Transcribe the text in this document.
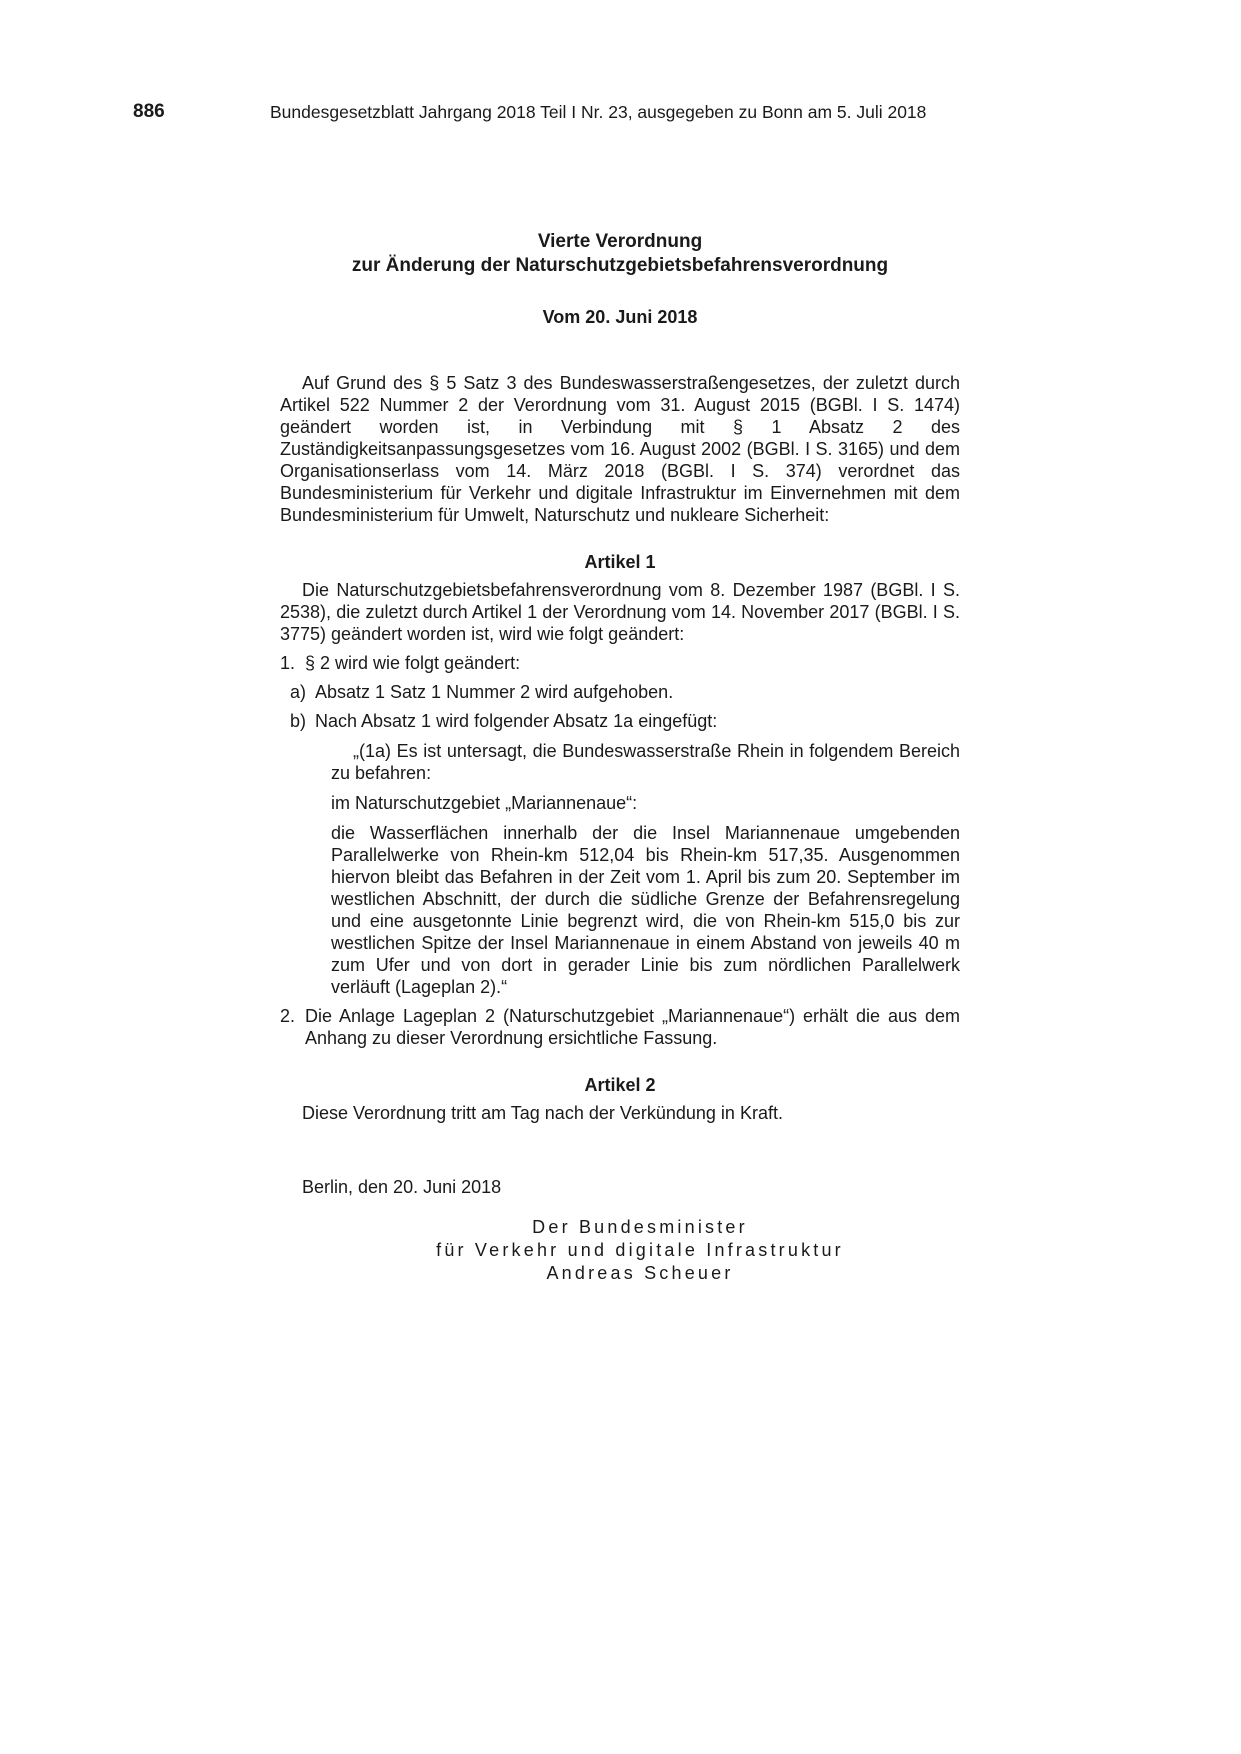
886	Bundesgesetzblatt Jahrgang 2018 Teil I Nr. 23, ausgegeben zu Bonn am 5. Juli 2018
Vierte Verordnung
zur Änderung der Naturschutzgebietsbefahrensverordnung
Vom 20. Juni 2018

Auf Grund des § 5 Satz 3 des Bundeswasserstraßengesetzes, der zuletzt durch Artikel 522 Nummer 2 der Verordnung vom 31. August 2015 (BGBl. I S. 1474) geändert worden ist, in Verbindung mit § 1 Absatz 2 des Zuständigkeitsanpassungsgesetzes vom 16. August 2002 (BGBl. I S. 3165) und dem Organisationserlass vom 14. März 2018 (BGBl. I S. 374) verordnet das Bundesministerium für Verkehr und digitale Infrastruktur im Einvernehmen mit dem Bundesministerium für Umwelt, Naturschutz und nukleare Sicherheit:

Artikel 1

Die Naturschutzgebietsbefahrensverordnung vom 8. Dezember 1987 (BGBl. I S. 2538), die zuletzt durch Artikel 1 der Verordnung vom 14. November 2017 (BGBl. I S. 3775) geändert worden ist, wird wie folgt geändert:

1. § 2 wird wie folgt geändert:
a) Absatz 1 Satz 1 Nummer 2 wird aufgehoben.
b) Nach Absatz 1 wird folgender Absatz 1a eingefügt:

„(1a) Es ist untersagt, die Bundeswasserstraße Rhein in folgendem Bereich zu befahren:

im Naturschutzgebiet „Mariannenaue“:

die Wasserflächen innerhalb der die Insel Mariannenaue umgebenden Parallelwerke von Rhein-km 512,04 bis Rhein-km 517,35. Ausgenommen hiervon bleibt das Befahren in der Zeit vom 1. April bis zum 20. September im westlichen Abschnitt, der durch die südliche Grenze der Befahrensregelung und eine ausgetonnte Linie begrenzt wird, die von Rhein-km 515,0 bis zur westlichen Spitze der Insel Mariannenaue in einem Abstand von jeweils 40 m zum Ufer und von dort in gerader Linie bis zum nördlichen Parallelwerk verläuft (Lageplan 2).“

2. Die Anlage Lageplan 2 (Naturschutzgebiet „Mariannenaue“) erhält die aus dem Anhang zu dieser Verordnung ersichtliche Fassung.
Artikel 2

Diese Verordnung tritt am Tag nach der Verkündung in Kraft.

Berlin, den 20. Juni 2018
Der Bundesminister
für Verkehr und digitale Infrastruktur
Andreas Scheuer
